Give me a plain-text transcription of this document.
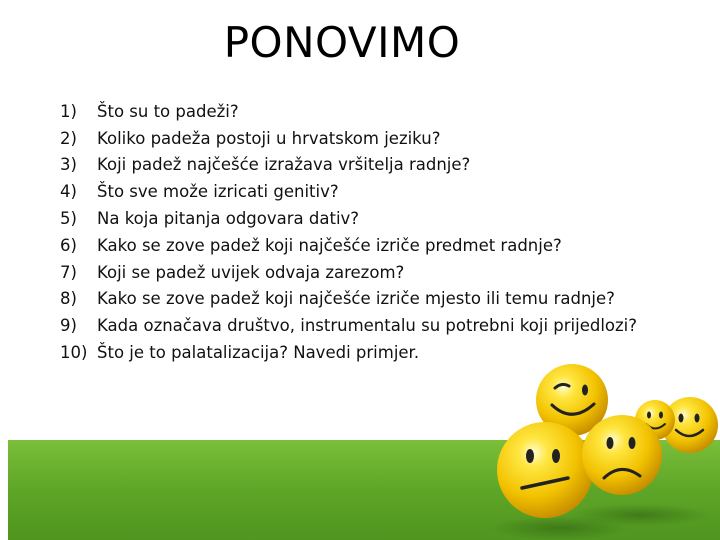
PONOVIMO
1)	Što su to padeži?
2)	Koliko padeža postoji u hrvatskom jeziku?
3)	Koji padež najčešće izražava vršitelja radnje?
4)	Što sve može izricati genitiv?
5)	Na koja pitanja odgovara dativ?
6)	Kako se zove padež koji najčešće izriče predmet radnje?
7)	Koji se padež uvijek odvaja zarezom?
8)	Kako se zove padež koji najčešće izriče mjesto ili temu radnje?
9)	Kada označava društvo, instrumentalu su potrebni koji prijedlozi?
10) Što je to palatalizacija? Navedi primjer.
